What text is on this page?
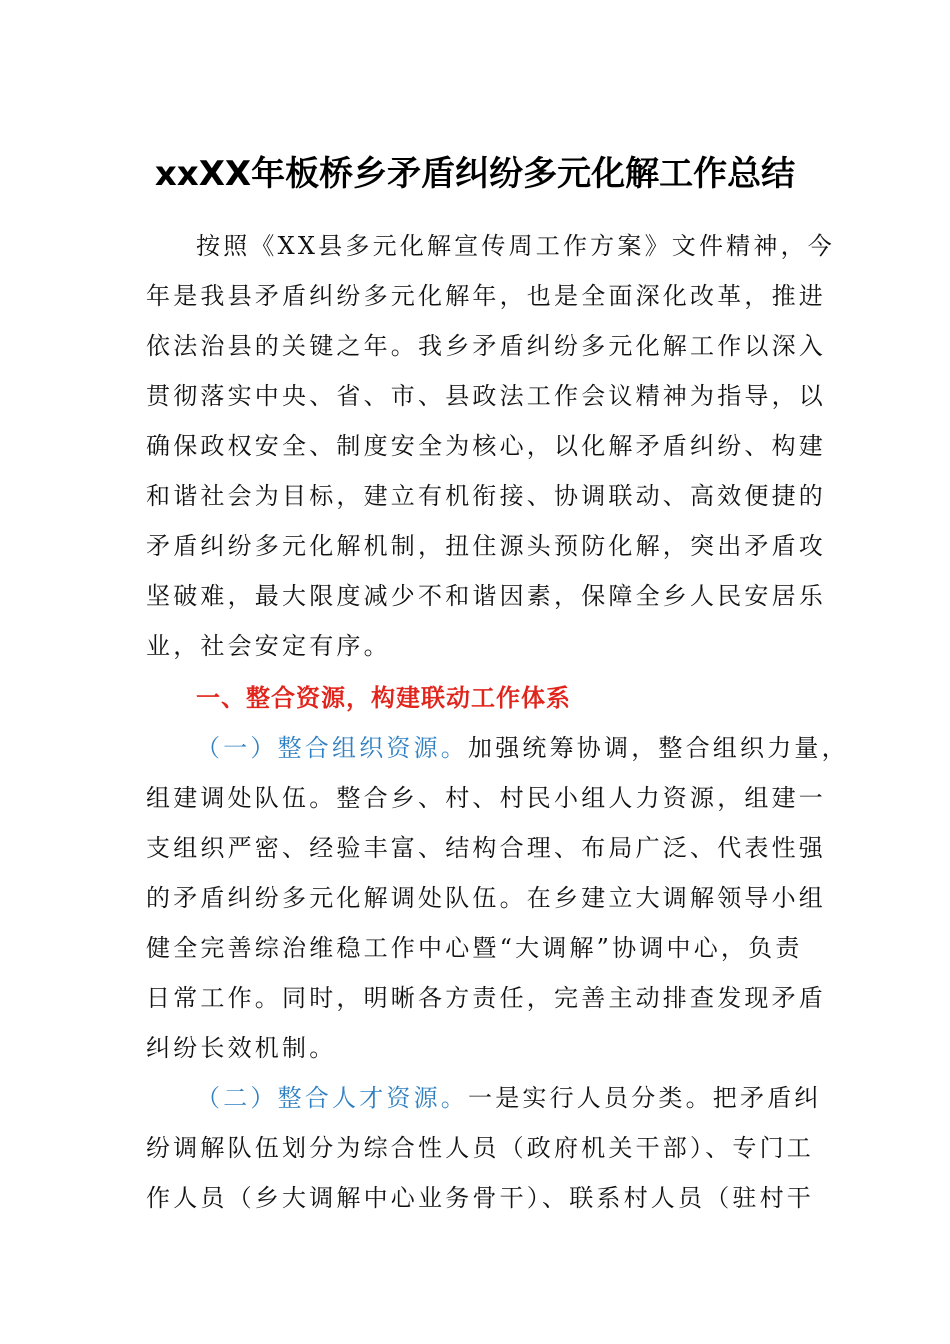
xxXX年板桥乡矛盾纠纷多元化解工作总结
按照《XX县多元化解宣传周工作方案》文件精神，今
年是我县矛盾纠纷多元化解年，也是全面深化改革，推进
依法治县的关键之年。我乡矛盾纠纷多元化解工作以深入
贯彻落实中央、省、市、县政法工作会议精神为指导，以
确保政权安全、制度安全为核心，以化解矛盾纠纷、构建
和谐社会为目标，建立有机衔接、协调联动、高效便捷的
矛盾纠纷多元化解机制，扭住源头预防化解，突出矛盾攻
坚破难，最大限度减少不和谐因素，保障全乡人民安居乐
业，社会安定有序。
一、整合资源，构建联动工作体系
（一）整合组织资源。加强统筹协调，整合组织力量，
组建调处队伍。整合乡、村、村民小组人力资源，组建一
支组织严密、经验丰富、结构合理、布局广泛、代表性强
的矛盾纠纷多元化解调处队伍。在乡建立大调解领导小组
健全完善综治维稳工作中心暨“大调解”协调中心，负责
日常工作。同时，明晰各方责任，完善主动排查发现矛盾
纠纷长效机制。
（二）整合人才资源。一是实行人员分类。把矛盾纠
纷调解队伍划分为综合性人员（政府机关干部）、专门工
作人员（乡大调解中心业务骨干）、联系村人员（驻村干
